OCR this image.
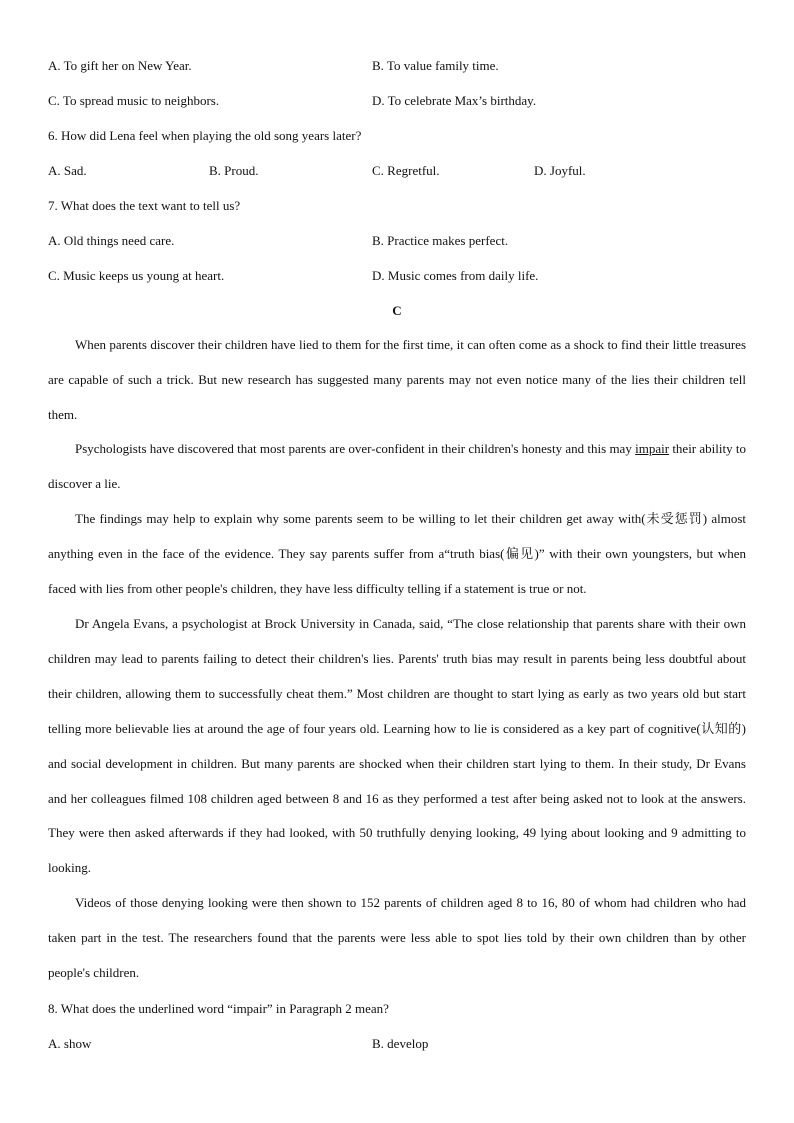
A. To gift her on New Year.	B. To value family time.
C. To spread music to neighbors.	D. To celebrate Max’s birthday.
6. How did Lena feel when playing the old song years later?
A. Sad.	B. Proud.	C. Regretful.	D. Joyful.
7. What does the text want to tell us?
A. Old things need care.	B. Practice makes perfect.
C. Music keeps us young at heart.	D. Music comes from daily life.
C
When parents discover their children have lied to them for the first time, it can often come as a shock to find their little treasures are capable of such a trick. But new research has suggested many parents may not even notice many of the lies their children tell them.
Psychologists have discovered that most parents are over-confident in their children's honesty and this may impair their ability to discover a lie.
The findings may help to explain why some parents seem to be willing to let their children get away with(未受惩罚) almost anything even in the face of the evidence. They say parents suffer from a“truth bias(偏见)” with their own youngsters, but when faced with lies from other people's children, they have less difficulty telling if a statement is true or not.
Dr Angela Evans, a psychologist at Brock University in Canada, said, “The close relationship that parents share with their own children may lead to parents failing to detect their children's lies. Parents' truth bias may result in parents being less doubtful about their children, allowing them to successfully cheat them.” Most children are thought to start lying as early as two years old but start telling more believable lies at around the age of four years old. Learning how to lie is considered as a key part of cognitive(认知的) and social development in children. But many parents are shocked when their children start lying to them. In their study, Dr Evans and her colleagues filmed 108 children aged between 8 and 16 as they performed a test after being asked not to look at the answers. They were then asked afterwards if they had looked, with 50 truthfully denying looking, 49 lying about looking and 9 admitting to looking.
Videos of those denying looking were then shown to 152 parents of children aged 8 to 16, 80 of whom had children who had taken part in the test. The researchers found that the parents were less able to spot lies told by their own children than by other people's children.
8. What does the underlined word “impair” in Paragraph 2 mean?
A. show	B. develop
